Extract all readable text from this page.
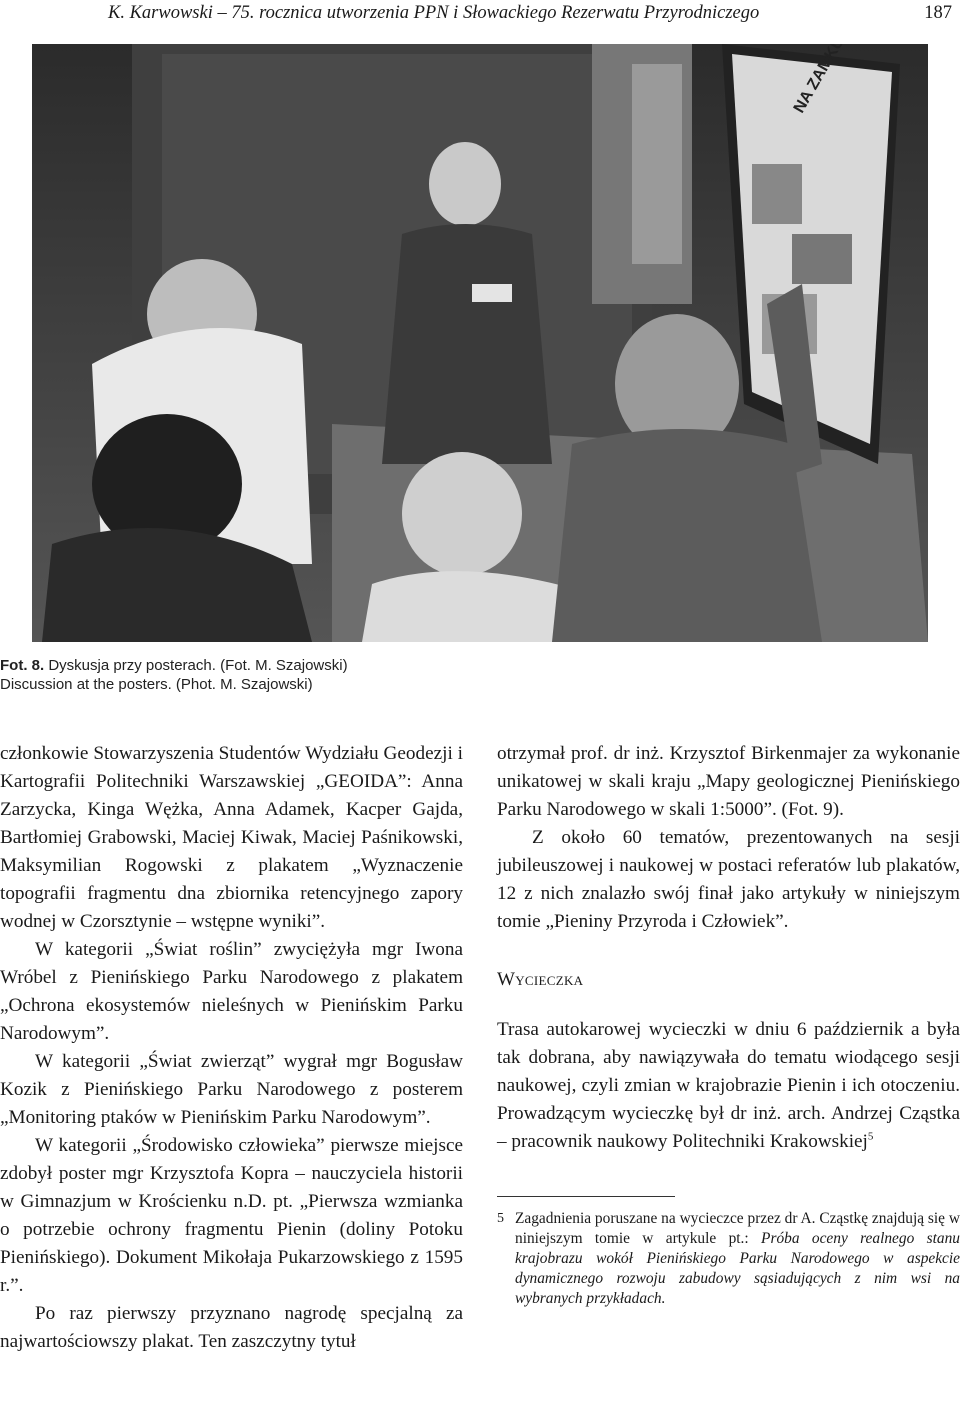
K. Karwowski – 75. rocznica utworzenia PPN i Słowackiego Rezerwatu Przyrodniczego	187
Fot. 8. Dyskusja przy posterach. (Fot. M. Szajowski)
Discussion at the posters. (Phot. M. Szajowski)

członkowie Stowarzyszenia Studentów Wydziału Geodezji i Kartografii Politechniki Warszawskiej „GEOIDA”: Anna Zarzycka, Kinga Wężka, Anna Adamek, Kacper Gajda, Bartłomiej Grabowski, Maciej Kiwak, Maciej Paśnikowski, Maksymilian Rogowski z plakatem „Wyznaczenie topografii fragmentu dna zbiornika retencyjnego zapory wodnej w Czorsztynie – wstępne wyniki”.

W kategorii „Świat roślin” zwyciężyła mgr Iwona Wróbel z Pienińskiego Parku Narodowego z plakatem „Ochrona ekosystemów nieleśnych w Pienińskim Parku Narodowym”.

W kategorii „Świat zwierząt” wygrał mgr Bogusław Kozik z Pienińskiego Parku Narodowego z posterem „Monitoring ptaków w Pienińskim Parku Narodowym”.

W kategorii „Środowisko człowieka” pierwsze miejsce zdobył poster mgr Krzysztofa Kopra – nauczyciela historii w Gimnazjum w Krościenku n.D. pt. „Pierwsza wzmianka o potrzebie ochrony fragmentu Pienin (doliny Potoku Pienińskiego). Dokument Mikołaja Pukarzowskiego z 1595 r.”.

Po raz pierwszy przyznano nagrodę specjalną za najwartościowszy plakat. Ten zaszczytny tytuł

otrzymał prof. dr inż. Krzysztof Birkenmajer za wykonanie unikatowej w skali kraju „Mapy geologicznej Pienińskiego Parku Narodowego w skali 1:5000”. (Fot. 9).

Z około 60 tematów, prezentowanych na sesji jubileuszowej i naukowej w postaci referatów lub plakatów, 12 z nich znalazło swój finał jako artykuły w niniejszym tomie „Pieniny Przyroda i Człowiek”.

Wycieczka

Trasa autokarowej wycieczki w dniu 6 październik a była tak dobrana, aby nawiązywała do tematu wiodącego sesji naukowej, czyli zmian w krajobrazie Pienin i ich otoczeniu. Prowadzącym wycieczkę był dr inż. arch. Andrzej Cząstka – pracownik naukowy Politechniki Krakowskiej$^5$

5 Zagadnienia poruszane na wycieczce przez dr A. Cząstkę znajdują się w niniejszym tomie w artykule pt.: Próba oceny realnego stanu krajobrazu wokół Pienińskiego Parku Narodowego w aspekcie dynamicznego rozwoju zabudowy sąsiadujących z nim wsi na wybranych przykładach.
